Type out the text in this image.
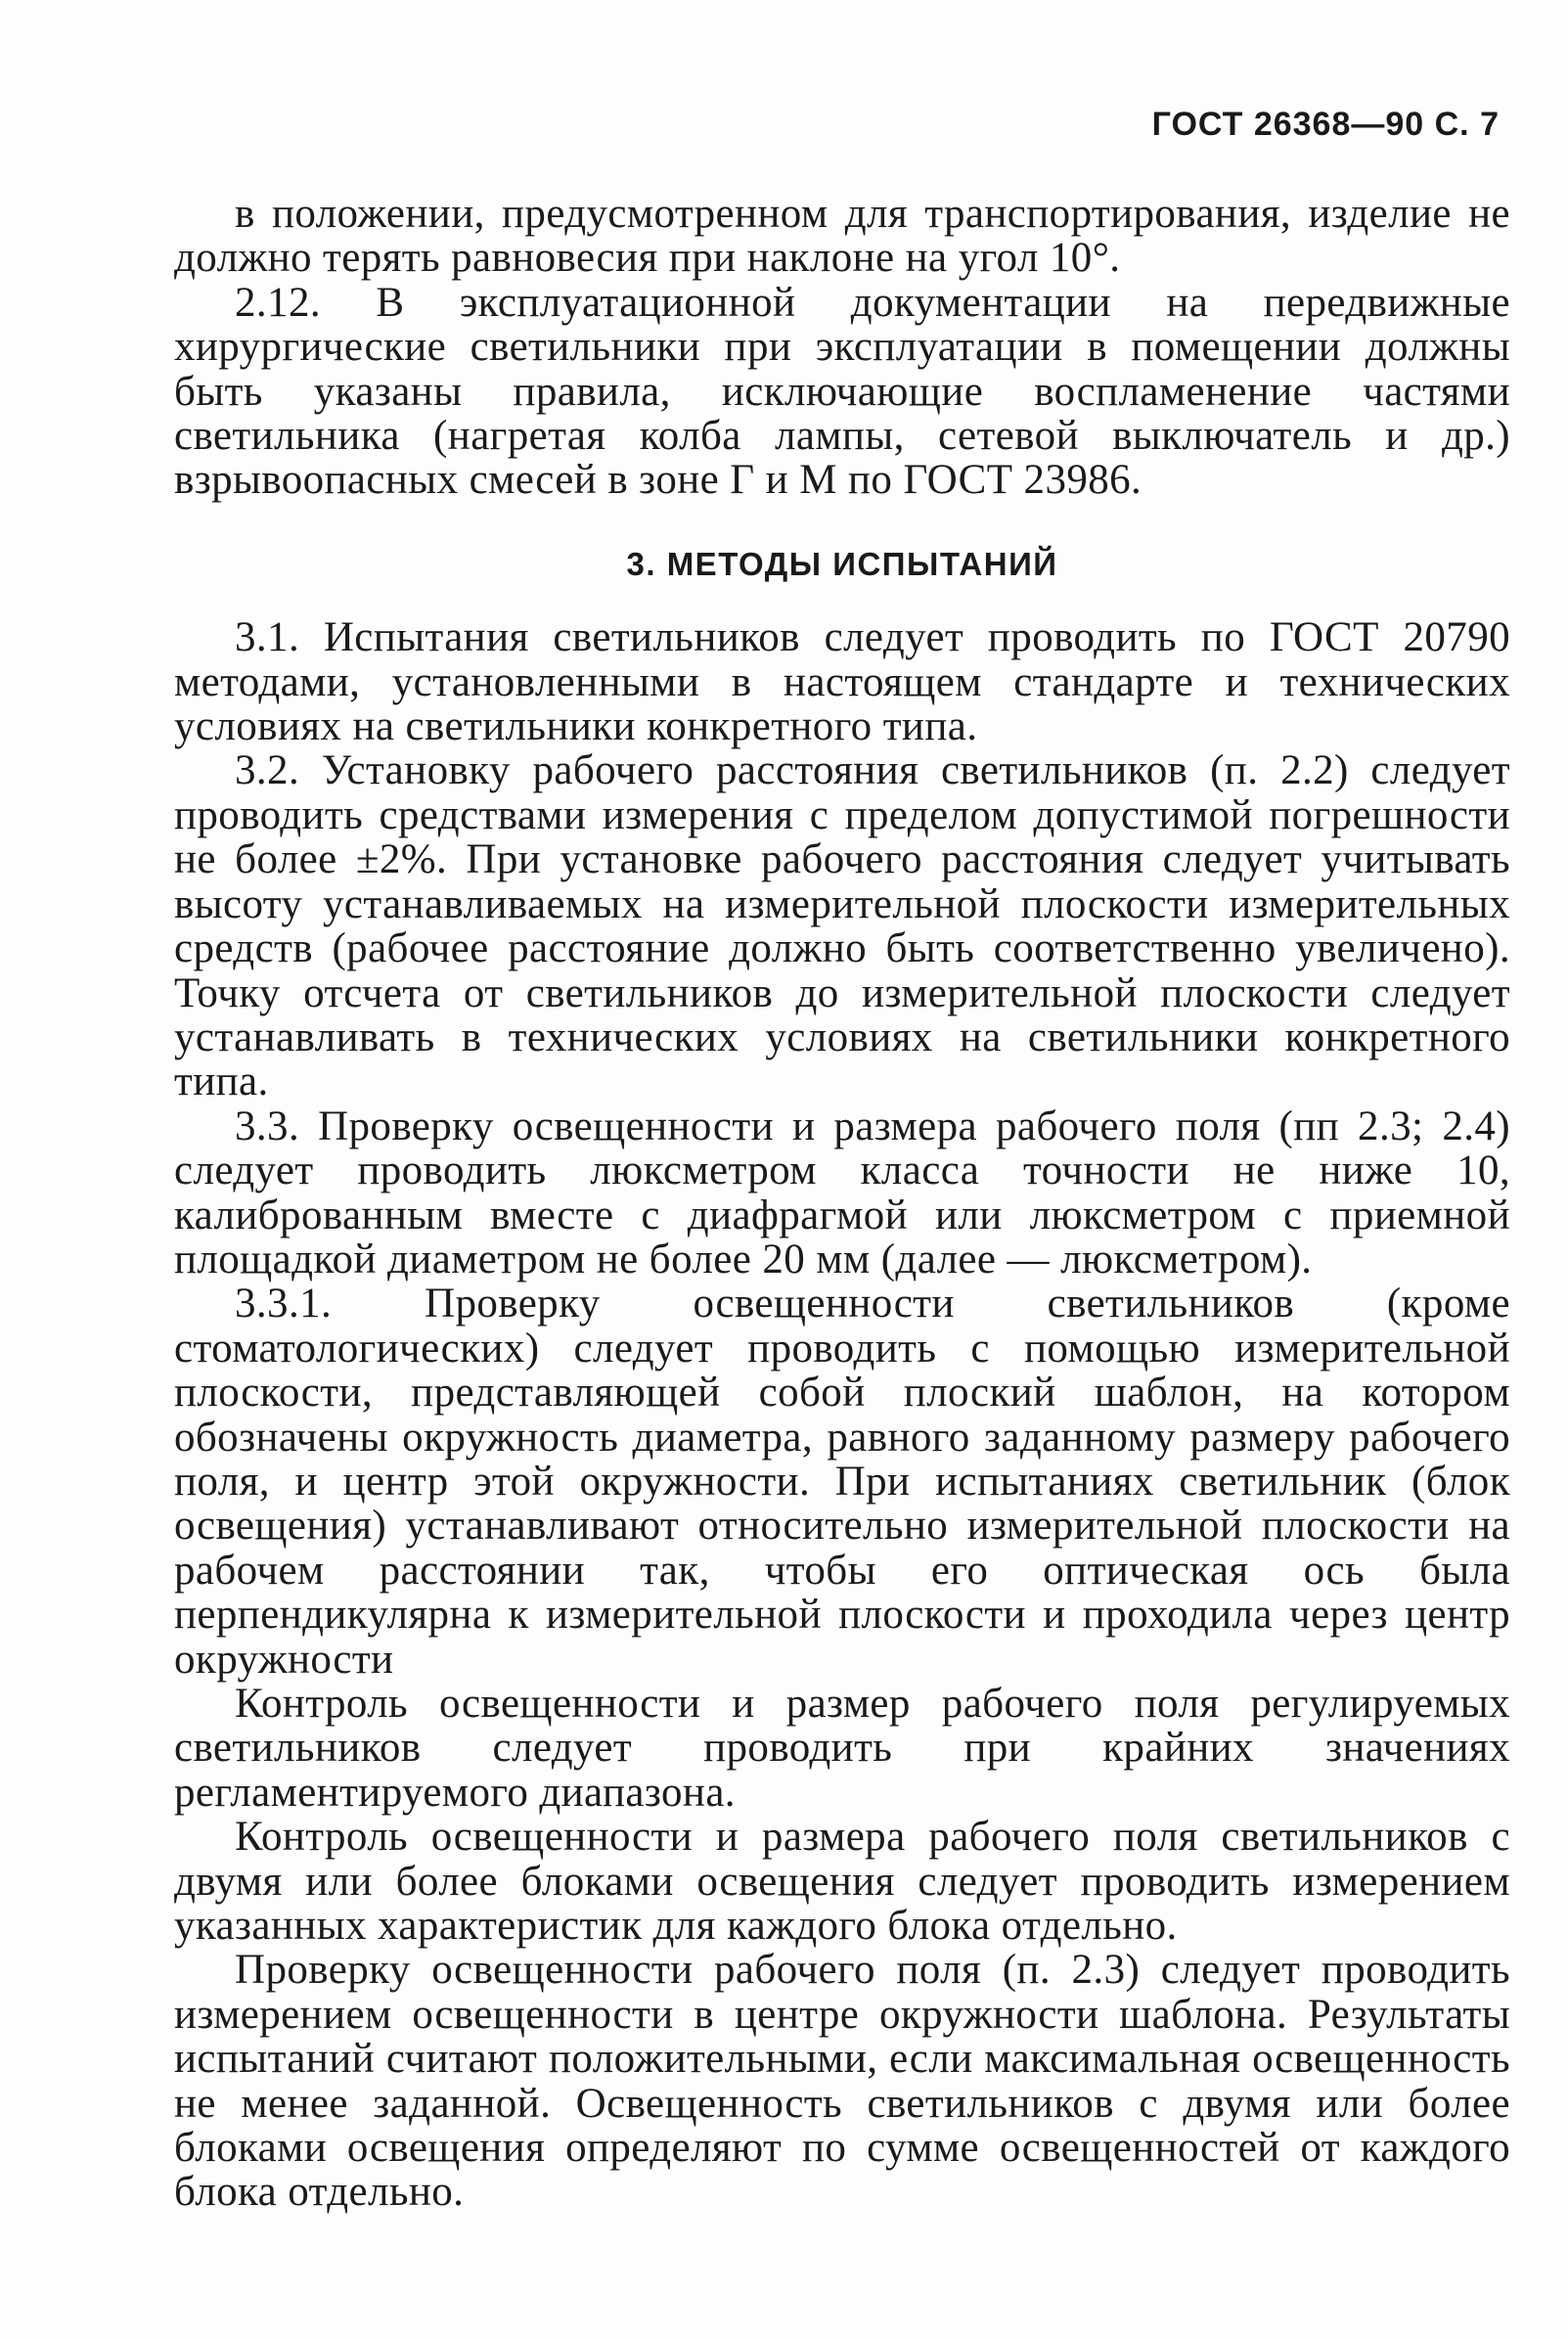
ГОСТ 26368—90 С. 7

в положении, предусмотренном для транспортирования, изделие не должно терять равновесия при наклоне на угол 10°.

2.12. В эксплуатационной документации на передвижные хирургические светильники при эксплуатации в помещении должны быть указаны правила, исключающие воспламенение частями светильника (нагретая колба лампы, сетевой выключатель и др.) взрывоопасных смесей в зоне Г и М по ГОСТ 23986.

3. МЕТОДЫ ИСПЫТАНИЙ

3.1. Испытания светильников следует проводить по ГОСТ 20790 методами, установленными в настоящем стандарте и технических условиях на светильники конкретного типа.

3.2. Установку рабочего расстояния светильников (п. 2.2) следует проводить средствами измерения с пределом допустимой погрешности не более ±2%. При установке рабочего расстояния следует учитывать высоту устанавливаемых на измерительной плоскости измерительных средств (рабочее расстояние должно быть соответственно увеличено). Точку отсчета от светильников до измерительной плоскости следует устанавливать в технических условиях на светильники конкретного типа.

3.3. Проверку освещенности и размера рабочего поля (пп 2.3; 2.4) следует проводить люксметром класса точности не ниже 10, калиброванным вместе с диафрагмой или люксметром с приемной площадкой диаметром не более 20 мм (далее — люксметром).

3.3.1. Проверку освещенности светильников (кроме стоматологических) следует проводить с помощью измерительной плоскости, представляющей собой плоский шаблон, на котором обозначены окружность диаметра, равного заданному размеру рабочего поля, и центр этой окружности. При испытаниях светильник (блок освещения) устанавливают относительно измерительной плоскости на рабочем расстоянии так, чтобы его оптическая ось была перпендикулярна к измерительной плоскости и проходила через центр окружности

Контроль освещенности и размер рабочего поля регулируемых светильников следует проводить при крайних значениях регламентируемого диапазона.

Контроль освещенности и размера рабочего поля светильников с двумя или более блоками освещения следует проводить измерением указанных характеристик для каждого блока отдельно.

Проверку освещенности рабочего поля (п. 2.3) следует проводить измерением освещенности в центре окружности шаблона. Результаты испытаний считают положительными, если максимальная освещенность не менее заданной. Освещенность светильников с двумя или более блоками освещения определяют по сумме освещенностей от каждого блока отдельно.
